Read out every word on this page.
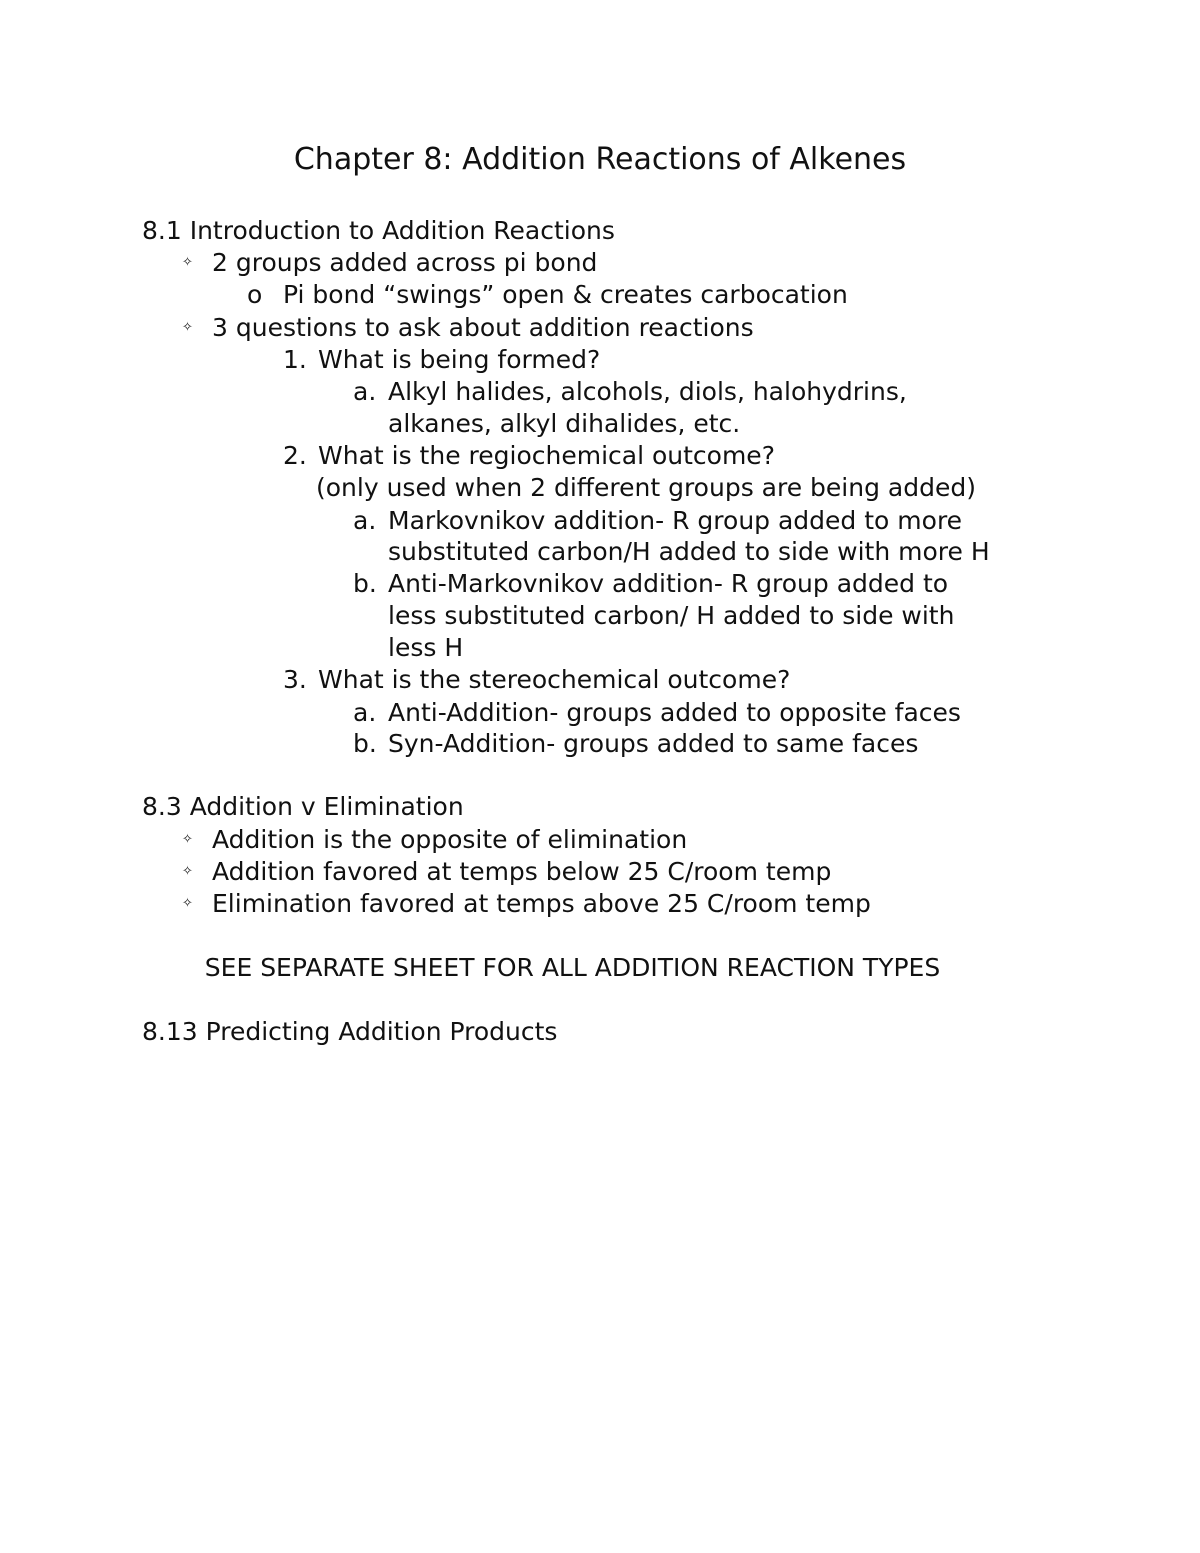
Chapter 8: Addition Reactions of Alkenes
8.1 Introduction to Addition Reactions
✧ 2 groups added across pi bond
o Pi bond “swings” open & creates carbocation
✧ 3 questions to ask about addition reactions
1. What is being formed?
a. Alkyl halides, alcohols, diols, halohydrins,
alkanes, alkyl dihalides, etc.
2. What is the regiochemical outcome?
(only used when 2 different groups are being added)
a. Markovnikov addition- R group added to more
substituted carbon/H added to side with more H
b. Anti-Markovnikov addition- R group added to
less substituted carbon/ H added to side with
less H
3. What is the stereochemical outcome?
a. Anti-Addition- groups added to opposite faces
b. Syn-Addition- groups added to same faces
8.3 Addition v Elimination
✧ Addition is the opposite of elimination
✧ Addition favored at temps below 25 C/room temp
✧ Elimination favored at temps above 25 C/room temp
SEE SEPARATE SHEET FOR ALL ADDITION REACTION TYPES
8.13 Predicting Addition Products
